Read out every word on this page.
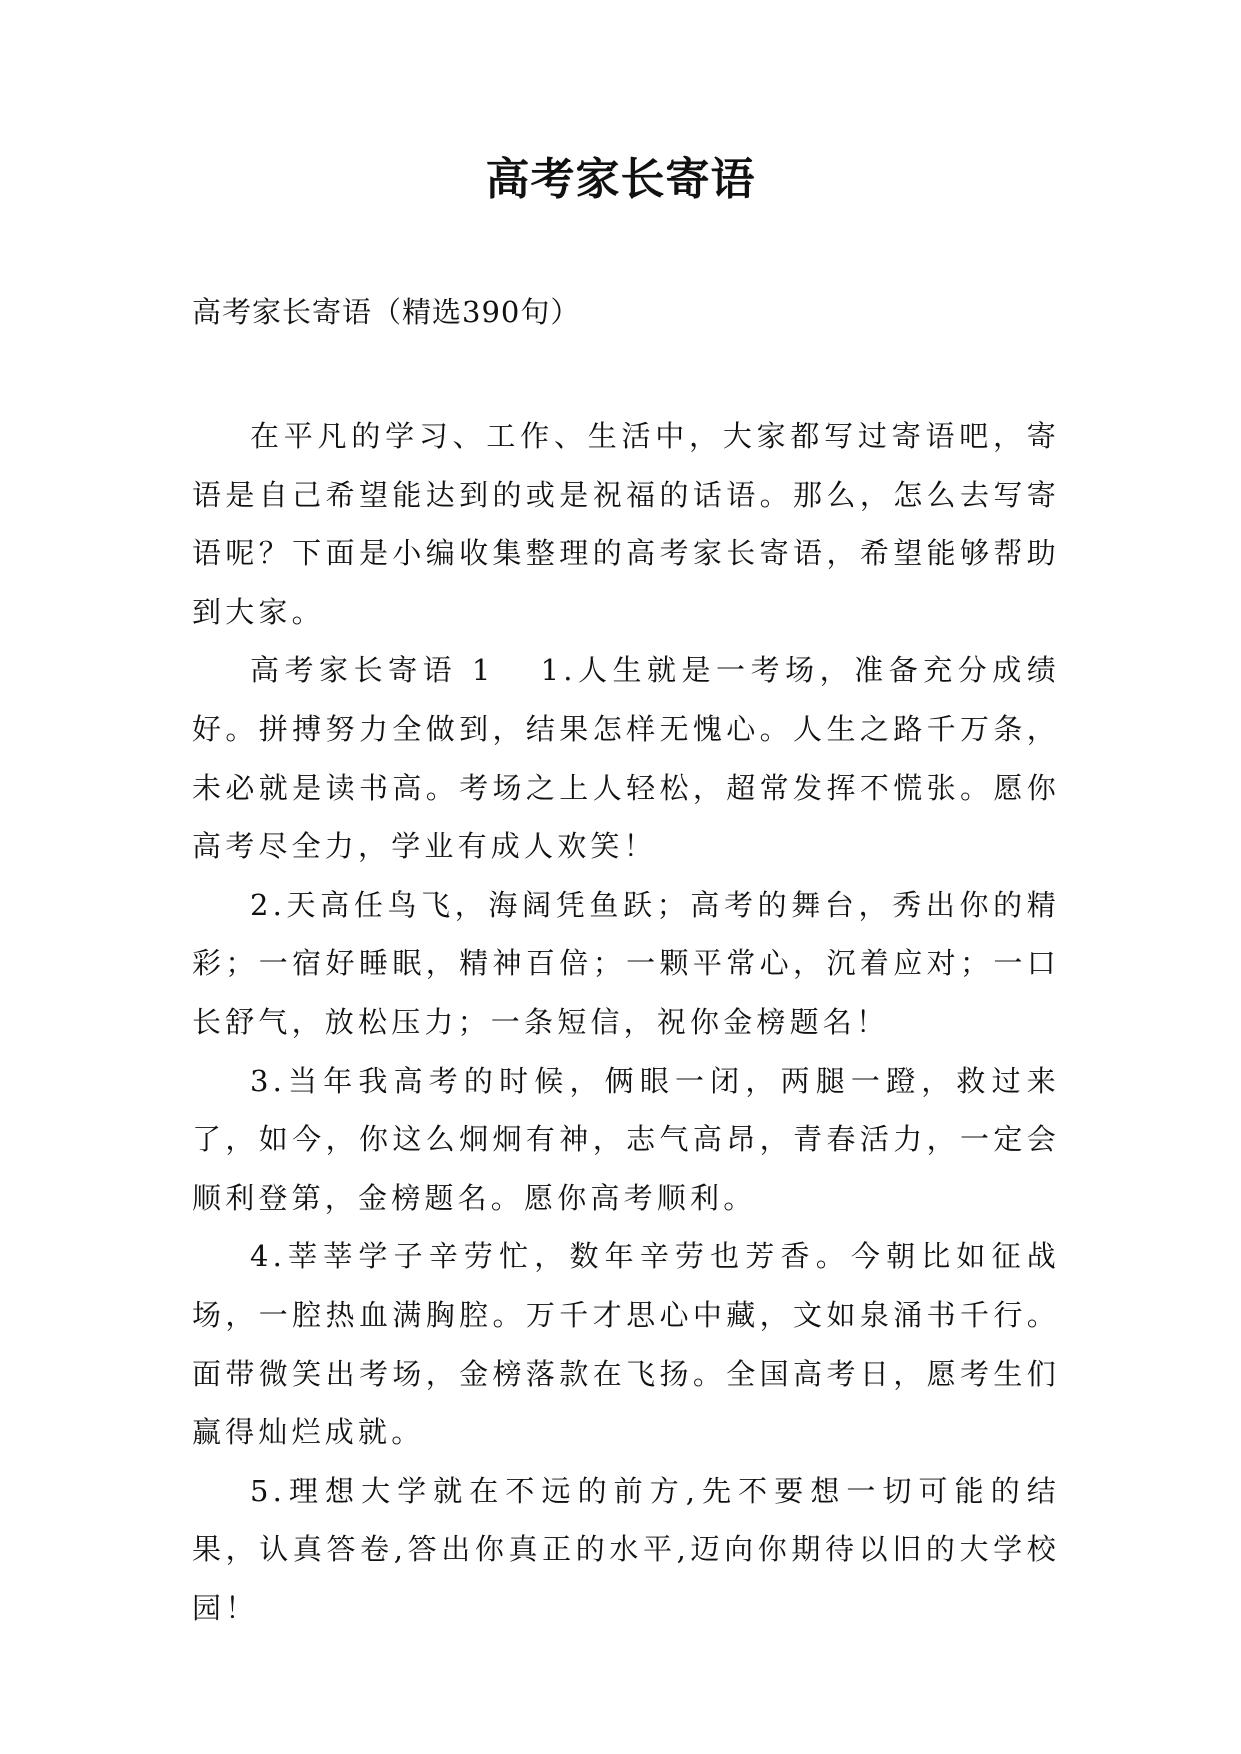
高考家长寄语
高考家长寄语（精选390句）

在平凡的学习、工作、生活中，大家都写过寄语吧，寄语是自己希望能达到的或是祝福的话语。那么，怎么去写寄语呢？下面是小编收集整理的高考家长寄语，希望能够帮助到大家。

高考家长寄语 1 1.人生就是一考场，准备充分成绩好。拼搏努力全做到，结果怎样无愧心。人生之路千万条，未必就是读书高。考场之上人轻松，超常发挥不慌张。愿你高考尽全力，学业有成人欢笑！

2.天高任鸟飞，海阔凭鱼跃；高考的舞台，秀出你的精彩；一宿好睡眠，精神百倍；一颗平常心，沉着应对；一口长舒气，放松压力；一条短信，祝你金榜题名！

3.当年我高考的时候，俩眼一闭，两腿一蹬，救过来了，如今，你这么炯炯有神，志气高昂，青春活力，一定会顺利登第，金榜题名。愿你高考顺利。

4.莘莘学子辛劳忙，数年辛劳也芳香。今朝比如征战场，一腔热血满胸腔。万千才思心中藏，文如泉涌书千行。面带微笑出考场，金榜落款在飞扬。全国高考日，愿考生们赢得灿烂成就。

5.理想大学就在不远的前方,先不要想一切可能的结果，认真答卷,答出你真正的水平,迈向你期待以旧的大学校园！
